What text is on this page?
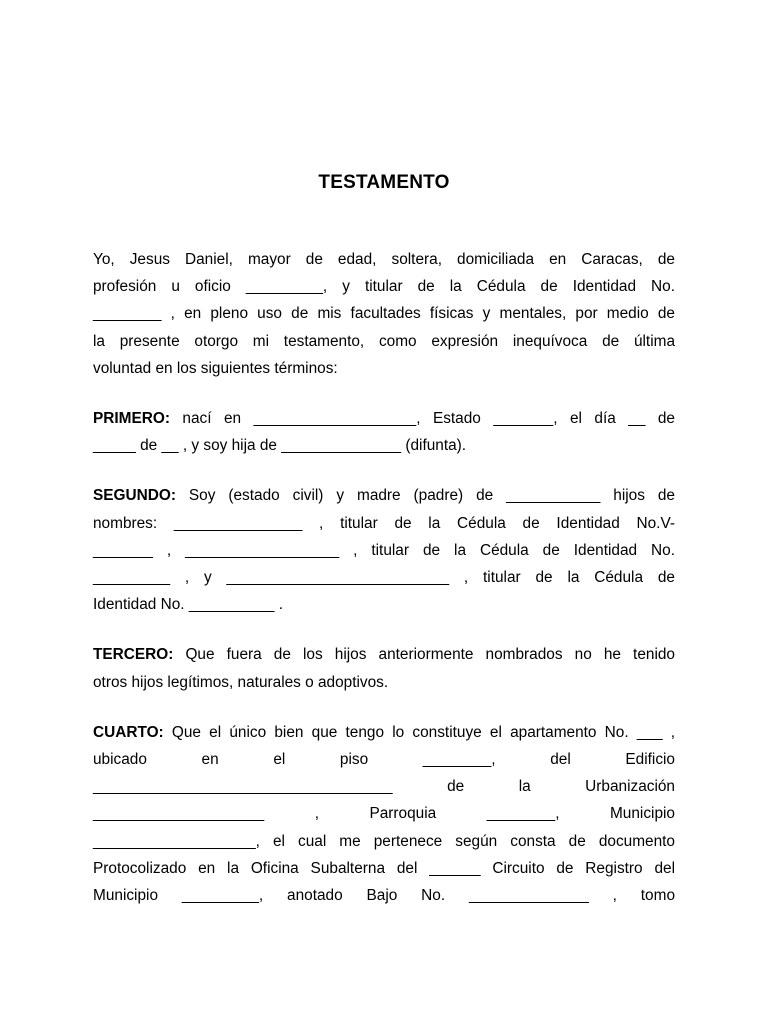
TESTAMENTO
Yo, Jesus Daniel, mayor de edad, soltera, domiciliada en Caracas, de
profesión u oficio _________, y titular de la Cédula de Identidad No.
________ , en pleno uso de mis facultades físicas y mentales, por medio de
la presente otorgo mi testamento, como expresión inequívoca de última
voluntad en los siguientes términos:
PRIMERO: nací en ___________________, Estado _______, el día __ de
_____ de __ , y soy hija de ______________ (difunta).
SEGUNDO: Soy (estado civil) y madre (padre) de ___________ hijos de
nombres: _______________ , titular de la Cédula de Identidad No.V-
_______ , __________________ , titular de la Cédula de Identidad No.
_________ , y __________________________ , titular de la Cédula de
Identidad No. __________ .
TERCERO: Que fuera de los hijos anteriormente nombrados no he tenido
otros hijos legítimos, naturales o adoptivos.
CUARTO: Que el único bien que tengo lo constituye el apartamento No. ___ ,
ubicado en el piso ________, del Edificio
___________________________________ de la Urbanización
____________________ , Parroquia ________, Municipio
___________________, el cual me pertenece según consta de documento
Protocolizado en la Oficina Subalterna del ______ Circuito de Registro del
Municipio _________, anotado Bajo No. ______________ , tomo
